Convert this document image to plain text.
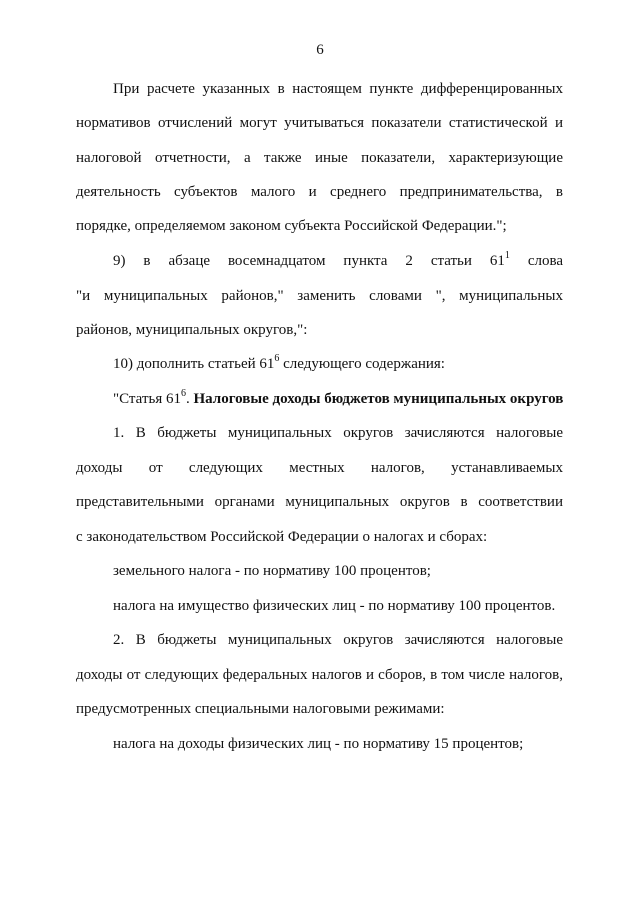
6
При расчете указанных в настоящем пункте дифференцированных
нормативов отчислений могут учитываться показатели статистической и
налоговой отчетности, а также иные показатели, характеризующие
деятельность субъектов малого и среднего предпринимательства, в
порядке, определяемом законом субъекта Российской Федерации.";
9) в абзаце восемнадцатом пункта 2 статьи $61^1$ слова
"и муниципальных районов," заменить словами ", муниципальных
районов, муниципальных округов,":
10) дополнить статьей $61^6$ следующего содержания:
"Статья $61^6$. Налоговые доходы бюджетов муниципальных округов
1. В бюджеты муниципальных округов зачисляются налоговые
доходы от следующих местных налогов, устанавливаемых
представительными органами муниципальных округов в соответствии
с законодательством Российской Федерации о налогах и сборах:
земельного налога - по нормативу 100 процентов;
налога на имущество физических лиц - по нормативу 100 процентов.
2. В бюджеты муниципальных округов зачисляются налоговые
доходы от следующих федеральных налогов и сборов, в том числе налогов,
предусмотренных специальными налоговыми режимами:
налога на доходы физических лиц - по нормативу 15 процентов;
